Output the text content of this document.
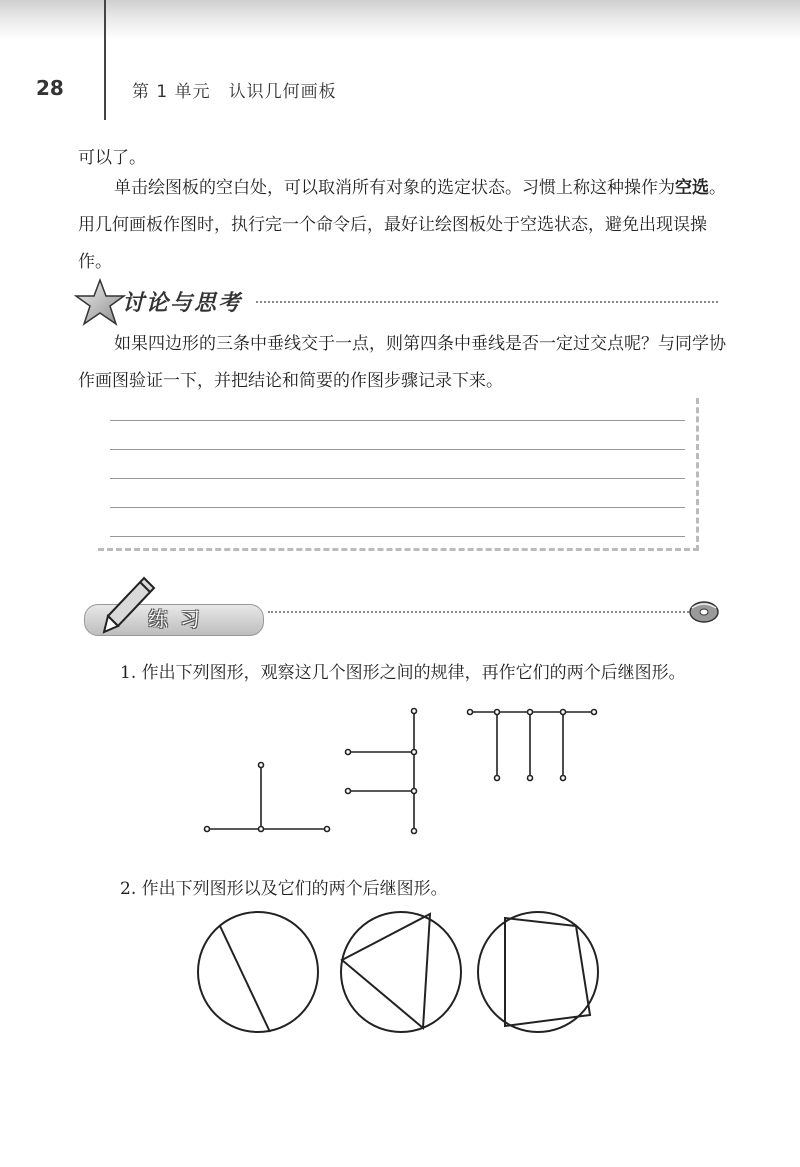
28	第 1 单元　认识几何画板

可以了。

单击绘图板的空白处，可以取消所有对象的选定状态。习惯上称这种操作为空选。用几何画板作图时，执行完一个命令后，最好让绘图板处于空选状态，避免出现误操作。

讨论与思考

如果四边形的三条中垂线交于一点，则第四条中垂线是否一定过交点呢？与同学协作画图验证一下，并把结论和简要的作图步骤记录下来。

练习
1. 作出下列图形，观察这几个图形之间的规律，再作它们的两个后继图形。
2. 作出下列图形以及它们的两个后继图形。
